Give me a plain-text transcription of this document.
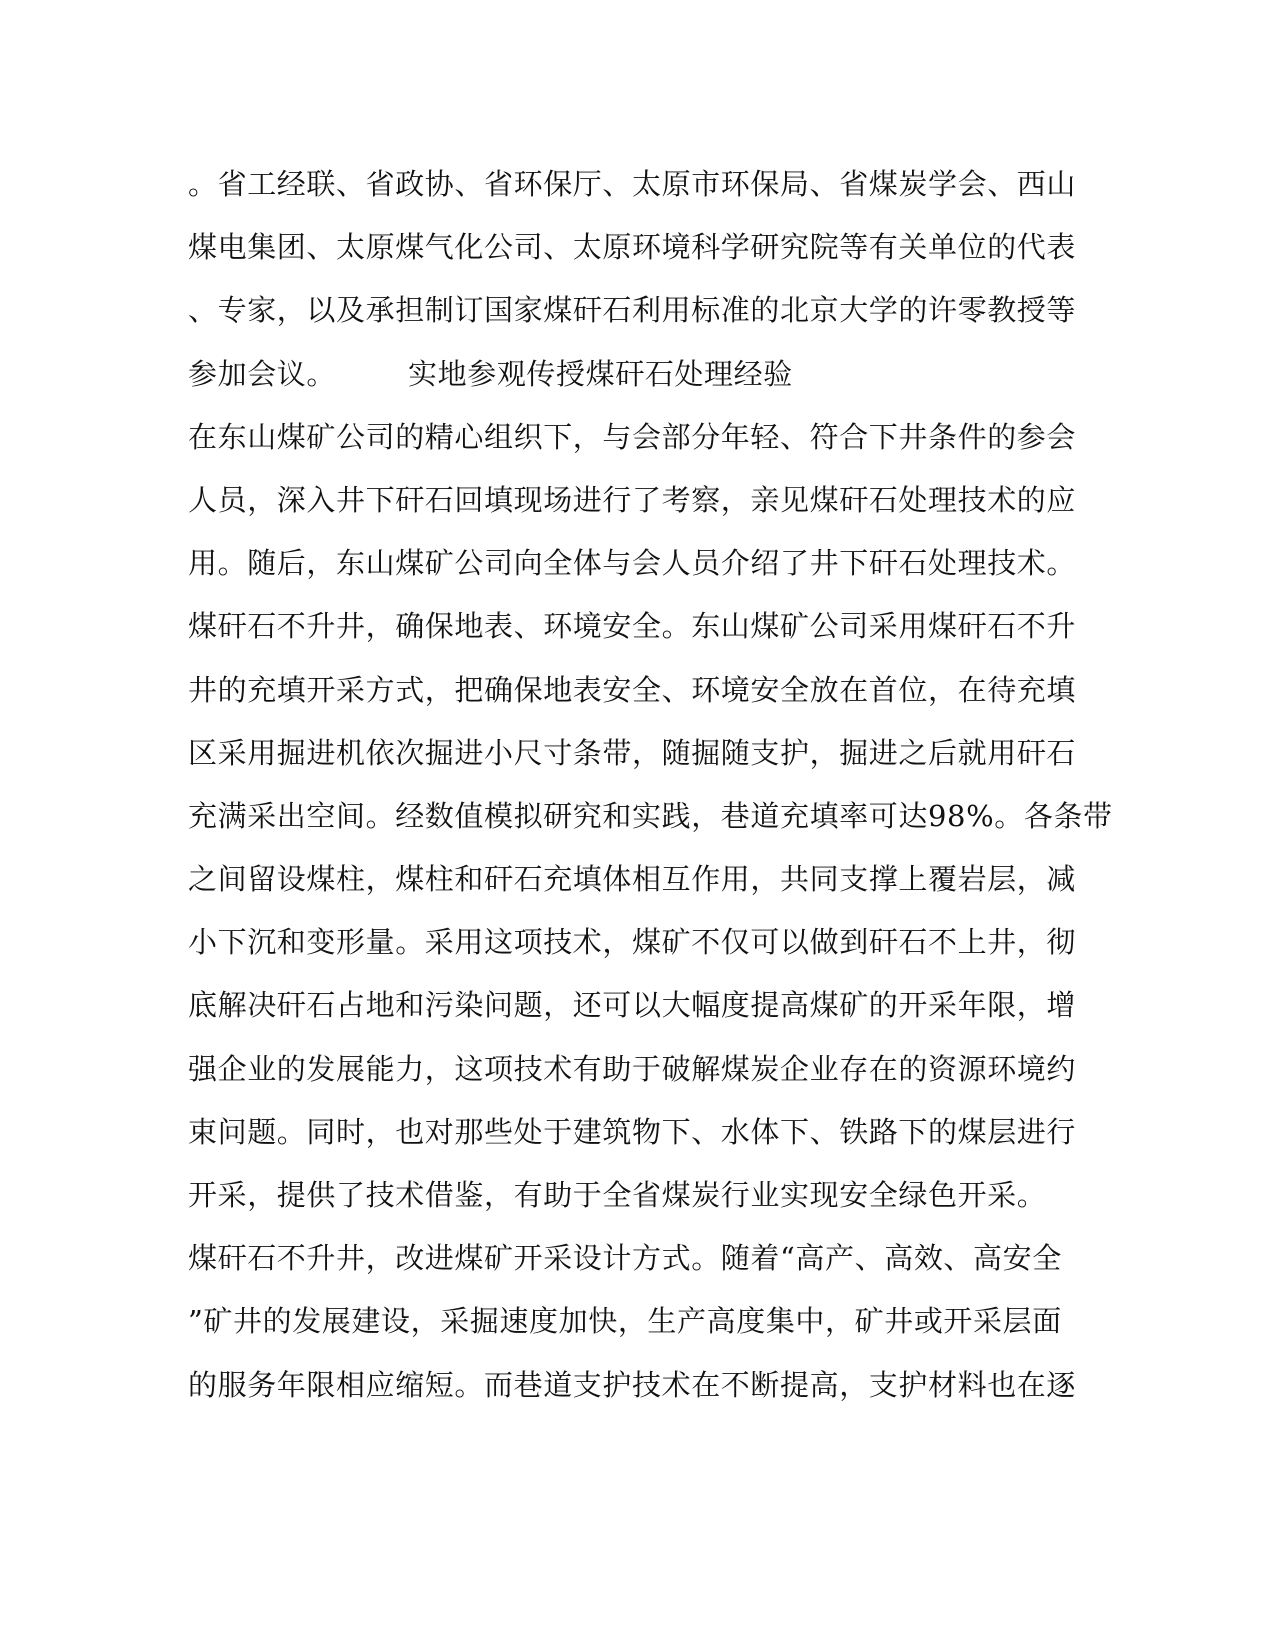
。省工经联、省政协、省环保厅、太原市环保局、省煤炭学会、西山
煤电集团、太原煤气化公司、太原环境科学研究院等有关单位的代表
、专家，以及承担制订国家煤矸石利用标准的北京大学的许零教授等
参加会议。 实地参观传授煤矸石处理经验
在东山煤矿公司的精心组织下，与会部分年轻、符合下井条件的参会
人员，深入井下矸石回填现场进行了考察，亲见煤矸石处理技术的应
用。随后，东山煤矿公司向全体与会人员介绍了井下矸石处理技术。
煤矸石不升井，确保地表、环境安全。东山煤矿公司采用煤矸石不升
井的充填开采方式，把确保地表安全、环境安全放在首位，在待充填
区采用掘进机依次掘进小尺寸条带，随掘随支护，掘进之后就用矸石
充满采出空间。经数值模拟研究和实践，巷道充填率可达98%。各条带
之间留设煤柱，煤柱和矸石充填体相互作用，共同支撑上覆岩层，减
小下沉和变形量。采用这项技术，煤矿不仅可以做到矸石不上井，彻
底解决矸石占地和污染问题，还可以大幅度提高煤矿的开采年限，增
强企业的发展能力，这项技术有助于破解煤炭企业存在的资源环境约
束问题。同时，也对那些处于建筑物下、水体下、铁路下的煤层进行
开采，提供了技术借鉴，有助于全省煤炭行业实现安全绿色开采。
煤矸石不升井，改进煤矿开采设计方式。随着“高产、高效、高安全
”矿井的发展建设，采掘速度加快，生产高度集中，矿井或开采层面
的服务年限相应缩短。而巷道支护技术在不断提高，支护材料也在逐
